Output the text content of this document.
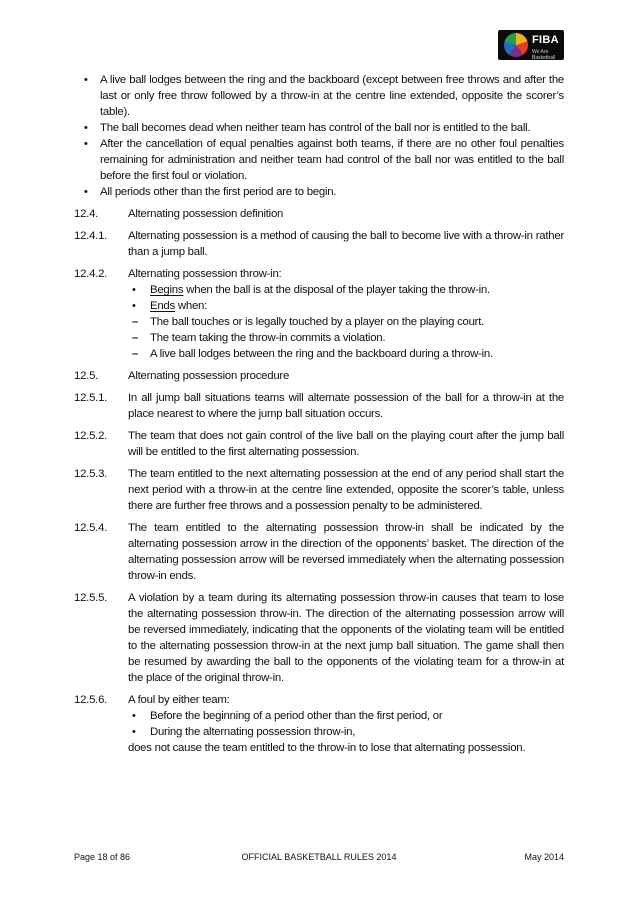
FIBA
We Are Basketball
• A live ball lodges between the ring and the backboard (except between free throws and after the last or only free throw followed by a throw-in at the centre line extended, opposite the scorer’s table).
• The ball becomes dead when neither team has control of the ball nor is entitled to the ball.
• After the cancellation of equal penalties against both teams, if there are no other foul penalties remaining for administration and neither team had control of the ball nor was entitled to the ball before the first foul or violation.
• All periods other than the first period are to begin.
12.4.	Alternating possession definition
12.4.1.	Alternating possession is a method of causing the ball to become live with a throw-in rather than a jump ball.
12.4.2.	Alternating possession throw-in:
• Begins when the ball is at the disposal of the player taking the throw-in.
• Ends when:
– The ball touches or is legally touched by a player on the playing court.
– The team taking the throw-in commits a violation.
– A live ball lodges between the ring and the backboard during a throw-in.
12.5.	Alternating possession procedure
12.5.1.	In all jump ball situations teams will alternate possession of the ball for a throw-in at the place nearest to where the jump ball situation occurs.
12.5.2.	The team that does not gain control of the live ball on the playing court after the jump ball will be entitled to the first alternating possession.
12.5.3.	The team entitled to the next alternating possession at the end of any period shall start the next period with a throw-in at the centre line extended, opposite the scorer’s table, unless there are further free throws and a possession penalty to be administered.
12.5.4.	The team entitled to the alternating possession throw-in shall be indicated by the alternating possession arrow in the direction of the opponents’ basket. The direction of the alternating possession arrow will be reversed immediately when the alternating possession throw-in ends.
12.5.5.	A violation by a team during its alternating possession throw-in causes that team to lose the alternating possession throw-in. The direction of the alternating possession arrow will be reversed immediately, indicating that the opponents of the violating team will be entitled to the alternating possession throw-in at the next jump ball situation. The game shall then be resumed by awarding the ball to the opponents of the violating team for a throw-in at the place of the original throw-in.
12.5.6.	A foul by either team:
• Before the beginning of a period other than the first period, or
• During the alternating possession throw-in,
does not cause the team entitled to the throw-in to lose that alternating possession.
Page 18 of 86	OFFICIAL BASKETBALL RULES 2014	May 2014
